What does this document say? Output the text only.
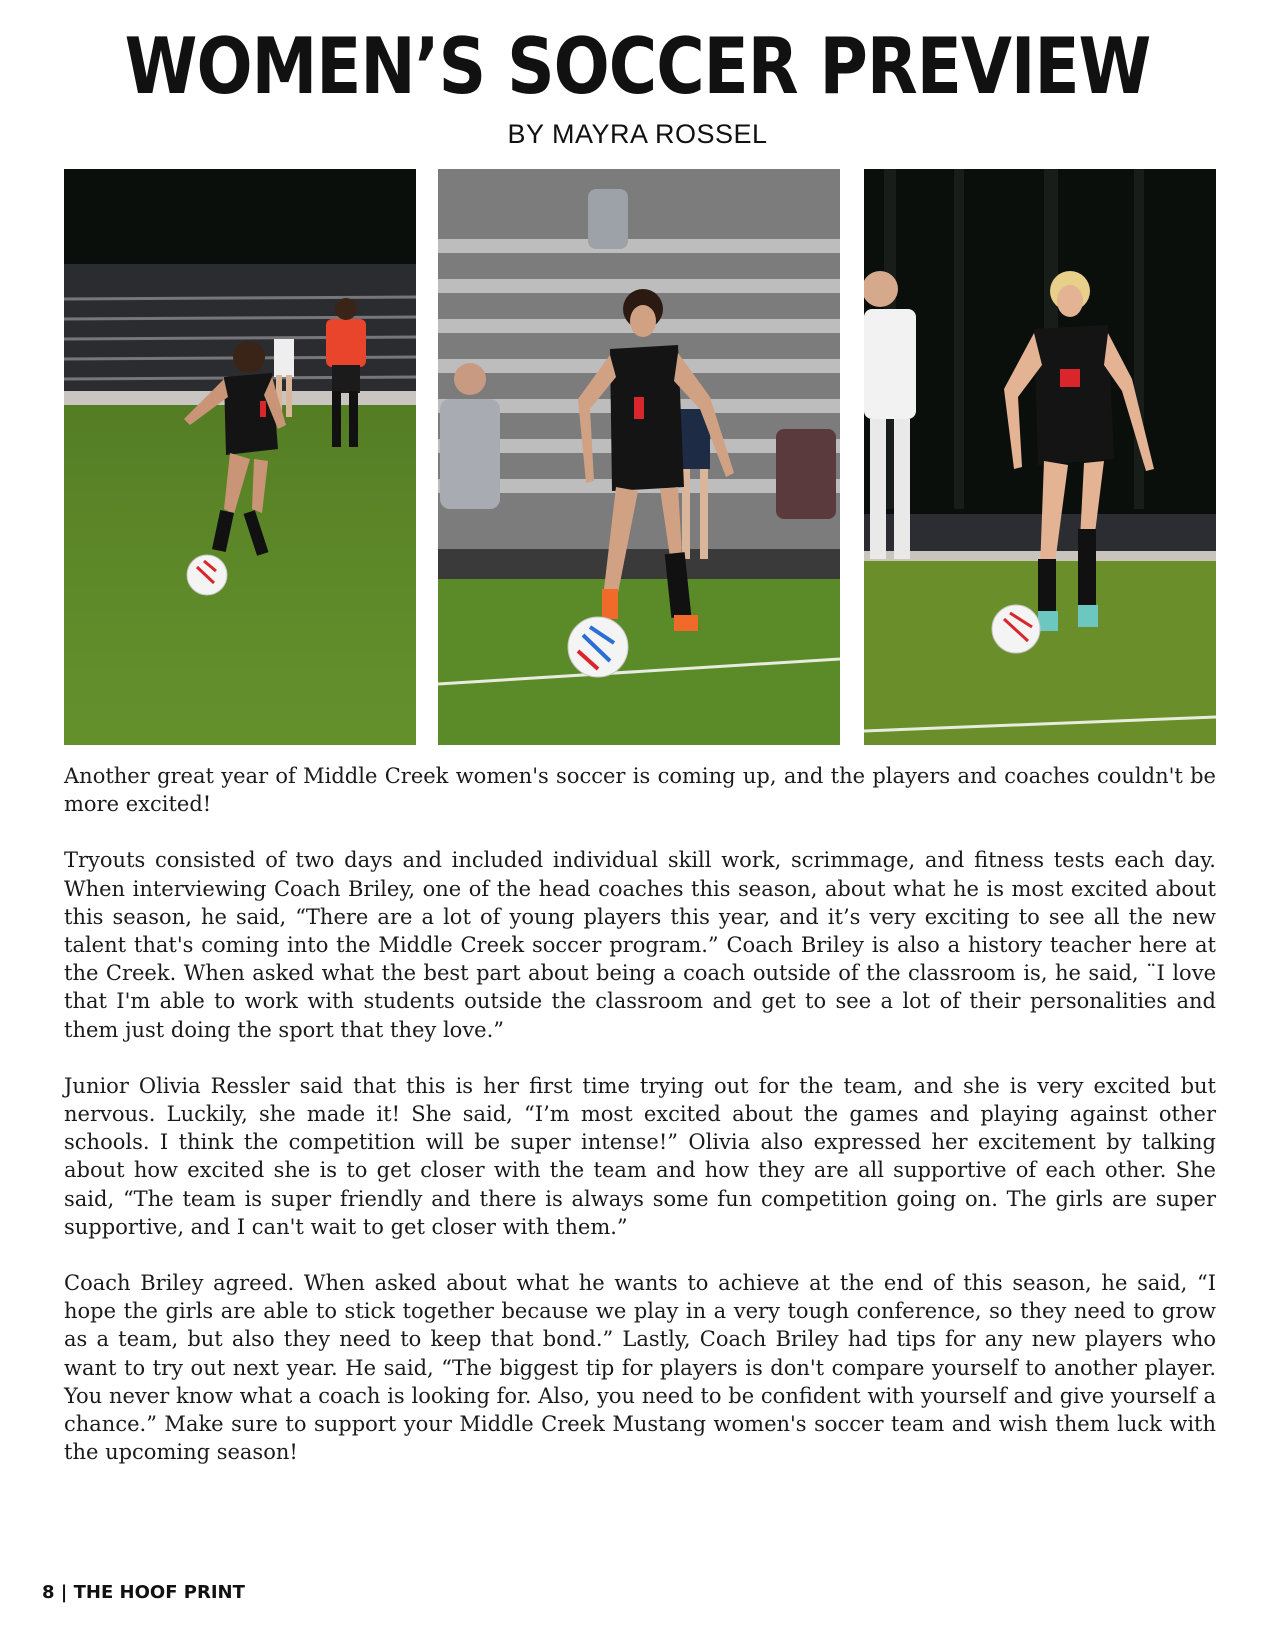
WOMEN’S SOCCER PREVIEW
BY MAYRA ROSSEL

Another great year of Middle Creek women's soccer is coming up, and the players and coaches couldn't be more excited!

Tryouts consisted of two days and included individual skill work, scrimmage, and fitness tests each day. When interviewing Coach Briley, one of the head coaches this season, about what he is most excited about this season, he said, “There are a lot of young players this year, and it’s very exciting to see all the new talent that's coming into the Middle Creek soccer program.” Coach Briley is also a history teacher here at the Creek. When asked what the best part about being a coach outside of the classroom is, he said, ¨I love that I'm able to work with students outside the classroom and get to see a lot of their personalities and them just doing the sport that they love.”

Junior Olivia Ressler said that this is her first time trying out for the team, and she is very excited but nervous. Luckily, she made it! She said, “I’m most excited about the games and playing against other schools. I think the competition will be super intense!” Olivia also expressed her excitement by talking about how excited she is to get closer with the team and how they are all supportive of each other. She said, “The team is super friendly and there is always some fun competition going on. The girls are super supportive, and I can't wait to get closer with them.”

Coach Briley agreed. When asked about what he wants to achieve at the end of this season, he said, “I hope the girls are able to stick together because we play in a very tough conference, so they need to grow as a team, but also they need to keep that bond.” Lastly, Coach Briley had tips for any new players who want to try out next year. He said, “The biggest tip for players is don't compare yourself to another player. You never know what a coach is looking for. Also, you need to be confident with yourself and give yourself a chance.” Make sure to support your Middle Creek Mustang women's soccer team and wish them luck with the upcoming season!

8 | THE HOOF PRINT
